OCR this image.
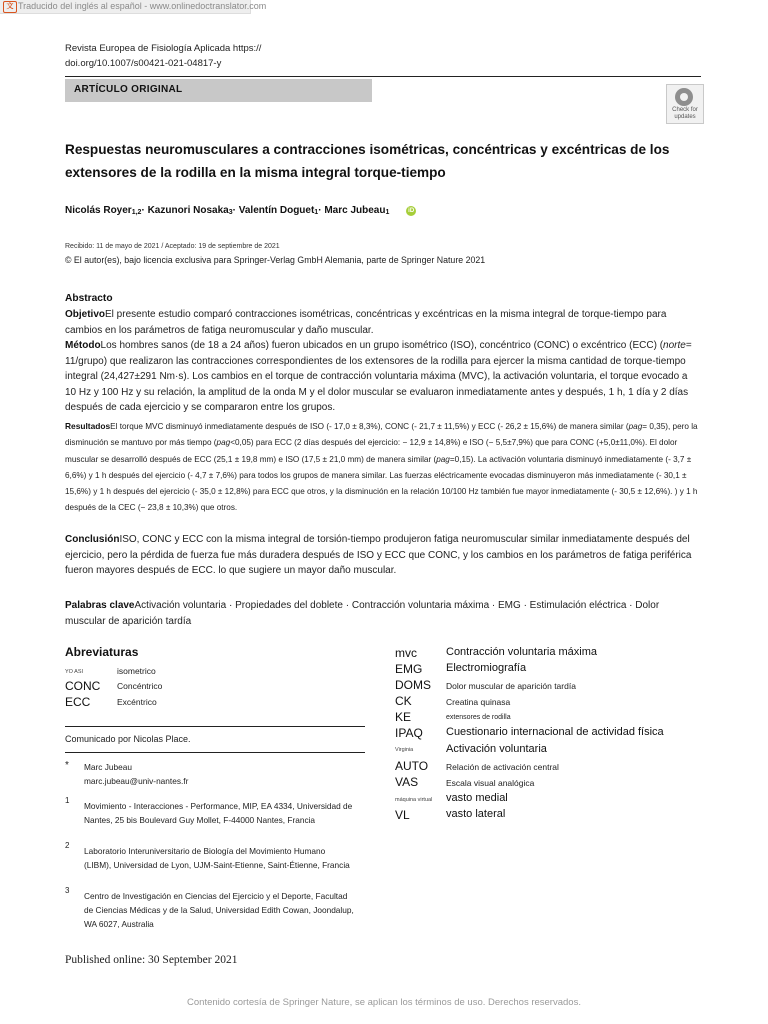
文 Traducido del inglés al español - www.onlinedoctranslator.com
Revista Europea de Fisiología Aplicada https://
doi.org/10.1007/s00421-021-04817-y
ARTÍCULO ORIGINAL
Check for
updates
Respuestas neuromusculares a contracciones isométricas, concéntricas y excéntricas de los extensores de la rodilla en la misma integral torque-tiempo
Nicolás Royer$_{1,2}$· Kazunori Nosaka$_3$· Valentín Doguet$_1$· Marc Jubeau$_1$	iD
Recibido: 11 de mayo de 2021 / Aceptado: 19 de septiembre de 2021
© El autor(es), bajo licencia exclusiva para Springer-Verlag GmbH Alemania, parte de Springer Nature 2021
Abstracto
ObjetivoEl presente estudio comparó contracciones isométricas, concéntricas y excéntricas en la misma integral de torque-tiempo para cambios en los parámetros de fatiga neuromuscular y daño muscular.
MétodoLos hombres sanos (de 18 a 24 años) fueron ubicados en un grupo isométrico (ISO), concéntrico (CONC) o excéntrico (ECC) (norte= 11/grupo) que realizaron las contracciones correspondientes de los extensores de la rodilla para ejercer la misma cantidad de torque-tiempo integral (24,427±291 Nm·s). Los cambios en el torque de contracción voluntaria máxima (MVC), la activación voluntaria, el torque evocado a 10 Hz y 100 Hz y su relación, la amplitud de la onda M y el dolor muscular se evaluaron inmediatamente antes y después, 1 h, 1 día y 2 días después de cada ejercicio y se compararon entre los grupos.
ResultadosEl torque MVC disminuyó inmediatamente después de ISO (- 17,0 ± 8,3%), CONC (- 21,7 ± 11,5%) y ECC (- 26,2 ± 15,6%) de manera similar (pag= 0,35), pero la disminución se mantuvo por más tiempo (pag<0,05) para ECC (2 días después del ejercicio: − 12,9 ± 14,8%) e ISO (− 5,5±7,9%) que para CONC (+5,0±11,0%). El dolor muscular se desarrolló después de ECC (25,1 ± 19,8 mm) e ISO (17,5 ± 21,0 mm) de manera similar (pag=0,15). La activación voluntaria disminuyó inmediatamente (- 3,7 ± 6,6%) y 1 h después del ejercicio (- 4,7 ± 7,6%) para todos los grupos de manera similar. Las fuerzas eléctricamente evocadas disminuyeron más inmediatamente (- 30,1 ± 15,6%) y 1 h después del ejercicio (- 35,0 ± 12,8%) para ECC que otros, y la disminución en la relación 10/100 Hz también fue mayor inmediatamente (- 30,5 ± 12,6%). ) y 1 h después de la CEC (− 23,8 ± 10,3%) que otros.
ConclusiónISO, CONC y ECC con la misma integral de torsión-tiempo produjeron fatiga neuromuscular similar inmediatamente después del ejercicio, pero la pérdida de fuerza fue más duradera después de ISO y ECC que CONC, y los cambios en los parámetros de fatiga periférica fueron mayores después de ECC. lo que sugiere un mayor daño muscular.
Palabras claveActivación voluntaria · Propiedades del doblete · Contracción voluntaria máxima · EMG · Estimulación eléctrica · Dolor muscular de aparición tardía
Abreviaturas
YO ASI	isometrico
CONC Concéntrico
ECC	Excéntrico
mvc	Contracción voluntaria máxima
EMG Electromiografía
DOMS Dolor muscular de aparición tardía
CK	Creatina quinasa
KE	extensores de rodilla
IPAQ Cuestionario internacional de actividad física
Virginia	Activación voluntaria
AUTO Relación de activación central
VAS	Escala visual analógica
máquina virtual vasto medial
VL	vasto lateral
Comunicado por Nicolas Place.
* Marc Jubeau
marc.jubeau@univ-nantes.fr
1
Movimiento - Interacciones - Performance, MIP, EA 4334, Universidad de Nantes, 25 bis Boulevard Guy Mollet, F-44000 Nantes, Francia
2
Laboratorio Interuniversitario de Biología del Movimiento Humano (LIBM), Universidad de Lyon, UJM-Saint-Etienne, Saint-Étienne, Francia
3
Centro de Investigación en Ciencias del Ejercicio y el Deporte, Facultad de Ciencias Médicas y de la Salud, Universidad Edith Cowan, Joondalup, WA 6027, Australia
Published online: 30 September 2021
Contenido cortesía de Springer Nature, se aplican los términos de uso. Derechos reservados.
